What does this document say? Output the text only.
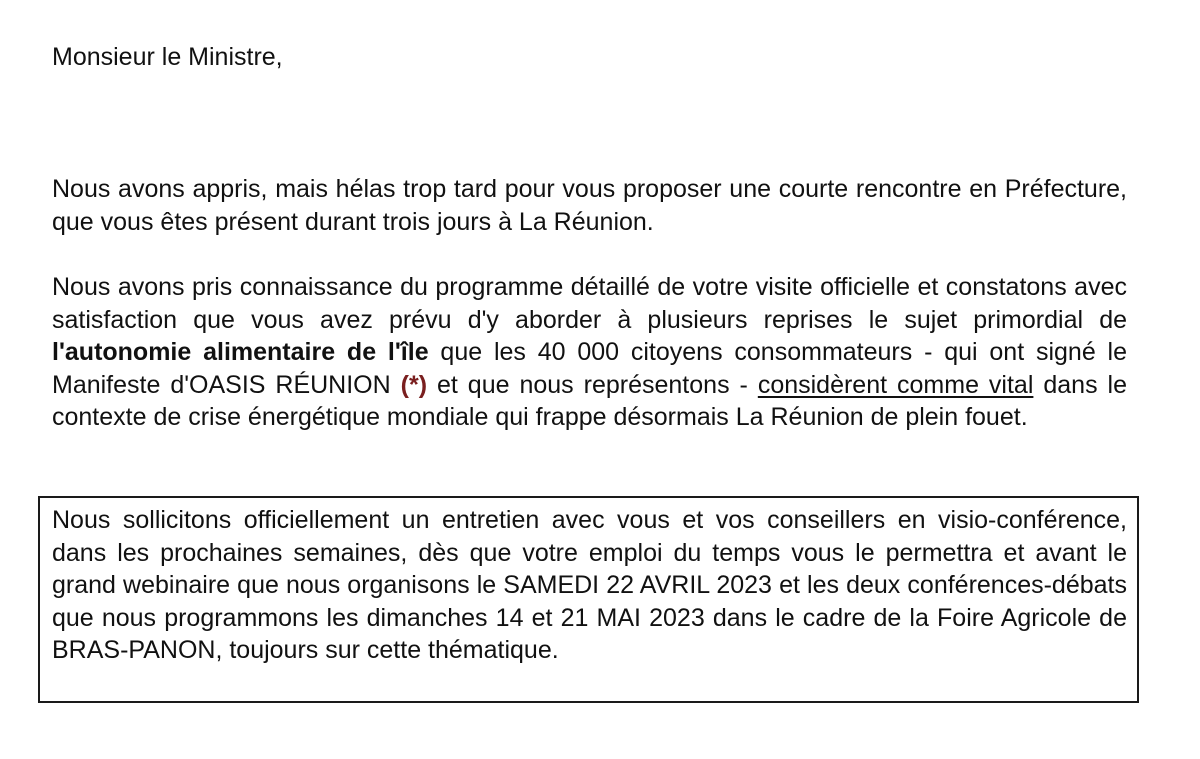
Monsieur le Ministre,

Nous avons appris, mais hélas trop tard pour vous proposer une courte rencontre en Préfecture, que vous êtes présent durant trois jours à La Réunion.

Nous avons pris connaissance du programme détaillé de votre visite officielle et constatons avec satisfaction que vous avez prévu d'y aborder à plusieurs reprises le sujet primordial de l'autonomie alimentaire de l'île que les 40 000 citoyens consommateurs - qui ont signé le Manifeste d'OASIS RÉUNION (*) et que nous représentons - considèrent comme vital dans le contexte de crise énergétique mondiale qui frappe désormais La Réunion de plein fouet.

Nous sollicitons officiellement un entretien avec vous et vos conseillers en visio-conférence, dans les prochaines semaines, dès que votre emploi du temps vous le permettra et avant le grand webinaire que nous organisons le SAMEDI 22 AVRIL 2023 et les deux conférences-débats que nous programmons les dimanches 14 et 21 MAI 2023 dans le cadre de la Foire Agricole de BRAS-PANON, toujours sur cette thématique.
